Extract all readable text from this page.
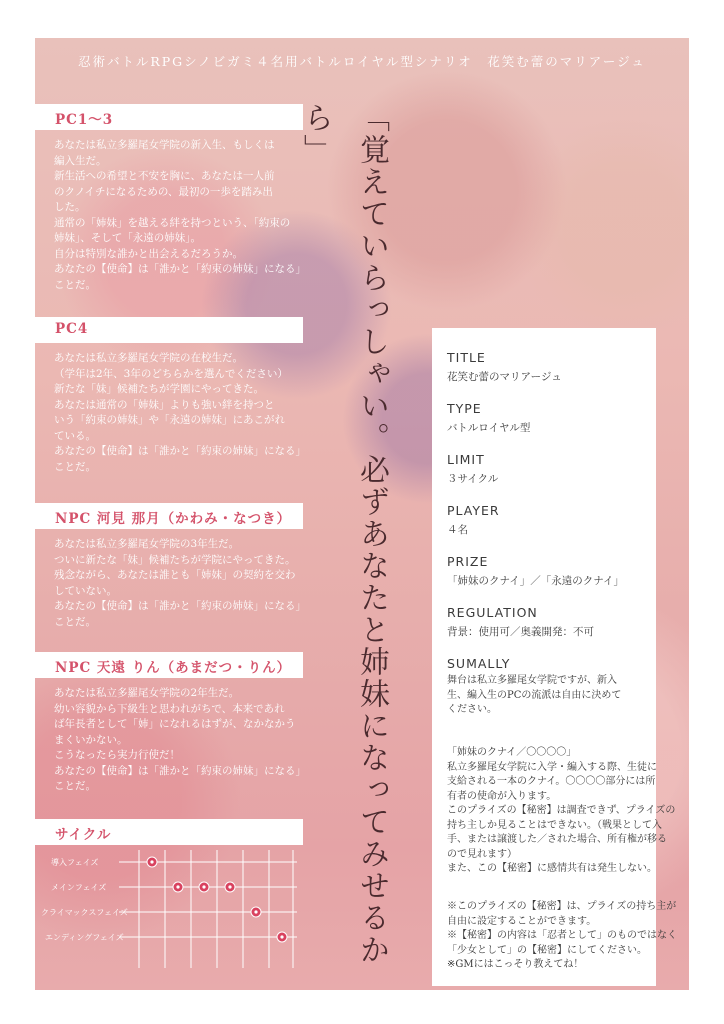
忍術バトルRPGシノビガミ４名用バトルロイヤル型シナリオ　花笑む蕾のマリアージュ
PC1〜3
あなたは私立多羅尾女学院の新入生、もしくは
編入生だ。
新生活への希望と不安を胸に、あなたは一人前
のクノイチになるための、最初の一歩を踏み出
した。
通常の「姉妹」を越える絆を持つという、「約束の
姉妹」、そして「永遠の姉妹」。
自分は特別な誰かと出会えるだろうか。
あなたの【使命】は「誰かと「約束の姉妹」になる」
ことだ。
PC4
あなたは私立多羅尾女学院の在校生だ。
（学年は2年、3年のどちらかを選んでください）
新たな「妹」候補たちが学園にやってきた。
あなたは通常の「姉妹」よりも強い絆を持つと
いう「約束の姉妹」や「永遠の姉妹」にあこがれ
ている。
あなたの【使命】は「誰かと「約束の姉妹」になる」
ことだ。
NPC 河見 那月（かわみ・なつき）
あなたは私立多羅尾女学院の3年生だ。
ついに新たな「妹」候補たちが学院にやってきた。
残念ながら、あなたは誰とも「姉妹」の契約を交わ
していない。
あなたの【使命】は「誰かと「約束の姉妹」になる」
ことだ。
NPC 天遠 りん（あまだつ・りん）
あなたは私立多羅尾女学院の2年生だ。
幼い容貌から下級生と思われがちで、本来であれ
ば年長者として「姉」になれるはずが、なかなかう
まくいかない。
こうなったら実力行使だ！
あなたの【使命】は「誰かと「約束の姉妹」になる」
ことだ。
サイクル
導入フェイズ
メインフェイズ
クライマックスフェイズ
エンディングフェイズ	「覚えていらっしゃい。必ずあなたと姉妹になってみせるから」
TITLE
花笑む蕾のマリアージュ
TYPE
バトルロイヤル型
LIMIT
３サイクル
PLAYER
４名
PRIZE
「姉妹のクナイ」／「永遠のクナイ」
REGULATION
背景：使用可／奥義開発：不可
SUMALLY
舞台は私立多羅尾女学院ですが、新入
生、編入生のPCの流派は自由に決めて
ください。
「姉妹のクナイ／〇〇〇〇」
私立多羅尾女学院に入学・編入する際、生徒に
支給される一本のクナイ。〇〇〇〇部分には所
有者の使命が入ります。
このプライズの【秘密】は調査できず、プライズの
持ち主しか見ることはできない。（戦果として入
手、または譲渡した／された場合、所有権が移る
ので見れます）
また、この【秘密】に感情共有は発生しない。
※このプライズの【秘密】は、プライズの持ち主が
自由に設定することができます。
※【秘密】の内容は「忍者として」のものではなく
「少女として」の【秘密】にしてください。
※GMにはこっそり教えてね！
